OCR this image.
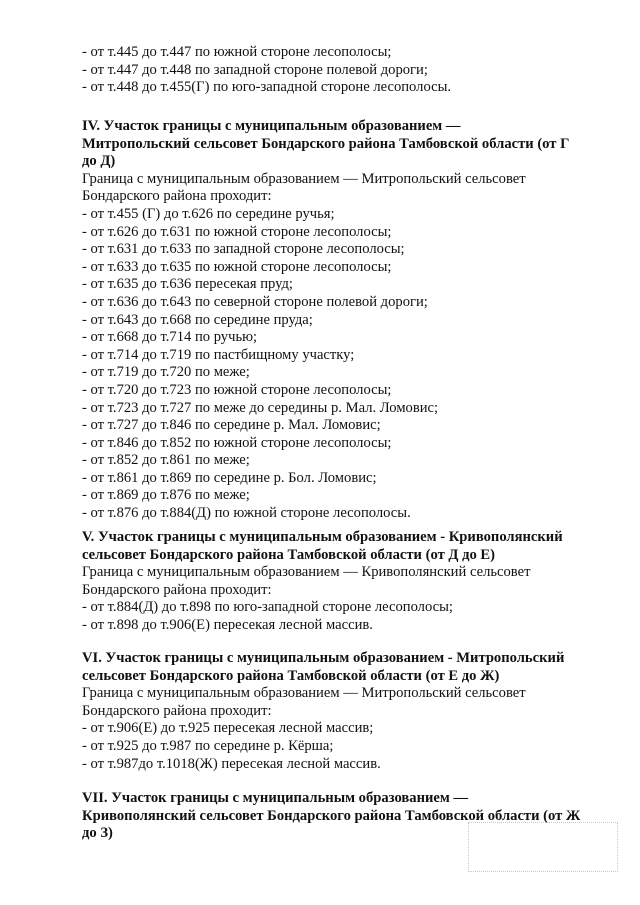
- от т.445 до т.447 по южной стороне лесополосы;
- от т.447 до т.448 по западной стороне полевой дороги;
- от т.448 до т.455(Г) по юго-западной стороне лесополосы.
IV. Участок границы с муниципальным образованием —
Митропольский сельсовет Бондарского района Тамбовской области (от Г
до Д)
Граница с муниципальным образованием — Митропольский сельсовет
Бондарского района проходит:
- от т.455 (Г) до т.626 по середине ручья;
- от т.626 до т.631 по южной стороне лесополосы;
- от т.631 до т.633 по западной стороне лесополосы;
- от т.633 до т.635 по южной стороне лесополосы;
- от т.635 до т.636 пересекая пруд;
- от т.636 до т.643 по северной стороне полевой дороги;
- от т.643 до т.668 по середине пруда;
- от т.668 до т.714 по ручью;
- от т.714 до т.719 по пастбищному участку;
- от т.719 до т.720 по меже;
- от т.720 до т.723 по южной стороне лесополосы;
- от т.723 до т.727 по меже до середины р. Мал. Ломовис;
- от т.727 до т.846 по середине р. Мал. Ломовис;
- от т.846 до т.852 по южной стороне лесополосы;
- от т.852 до т.861 по меже;
- от т.861 до т.869 по середине р. Бол. Ломовис;
- от т.869 до т.876 по меже;
- от т.876 до т.884(Д) по южной стороне лесополосы.
V. Участок границы с муниципальным образованием - Кривополянский
сельсовет Бондарского района Тамбовской области (от Д до Е)
Граница с муниципальным образованием — Кривополянский сельсовет
Бондарского района проходит:
- от т.884(Д) до т.898 по юго-западной стороне лесополосы;
- от т.898 до т.906(Е) пересекая лесной массив.
VI. Участок границы с муниципальным образованием - Митропольский
сельсовет Бондарского района Тамбовской области (от Е до Ж)
Граница с муниципальным образованием — Митропольский сельсовет
Бондарского района проходит:
- от т.906(Е) до т.925 пересекая лесной массив;
- от т.925 до т.987 по середине р. Кёрша;
- от т.987до т.1018(Ж) пересекая лесной массив.
VII. Участок границы с муниципальным образованием —
Кривополянский сельсовет Бондарского района Тамбовской области (от Ж
до З)
